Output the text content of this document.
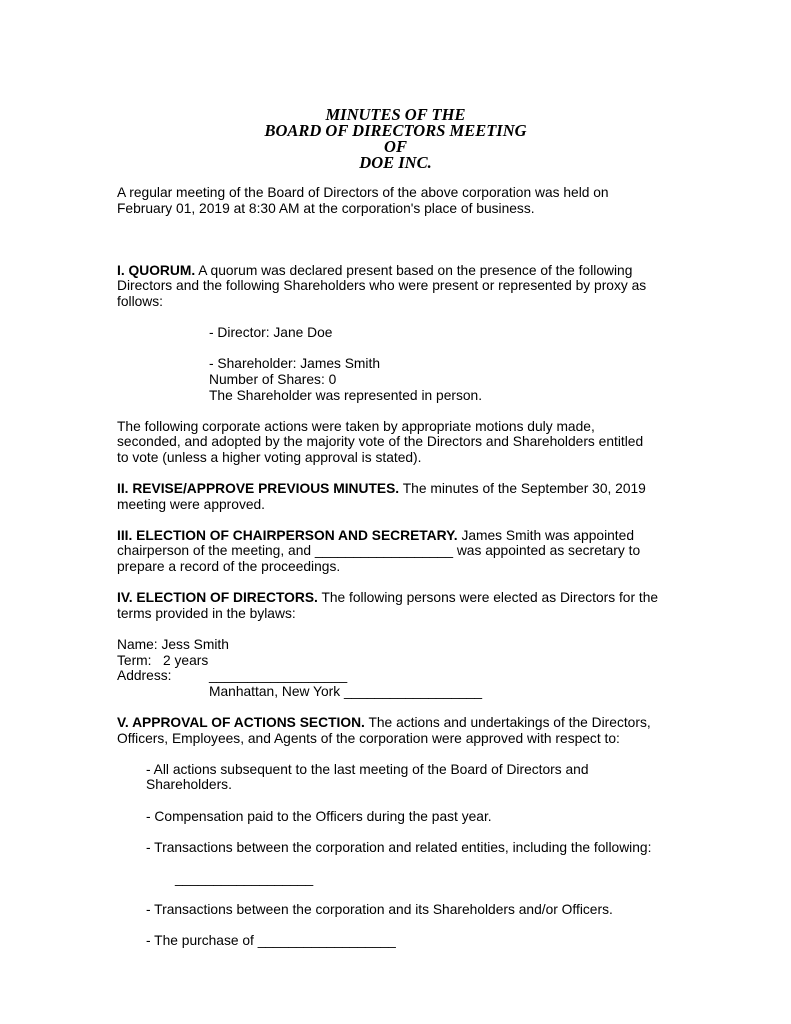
MINUTES OF THE
BOARD OF DIRECTORS MEETING
OF
DOE INC.

A regular meeting of the Board of Directors of the above corporation was held on

February 01, 2019 at 8:30 AM at the corporation's place of business.

I. QUORUM. A quorum was declared present based on the presence of the following

Directors and the following Shareholders who were present or represented by proxy as

follows:

- Director: Jane Doe

- Shareholder: James Smith

Number of Shares: 0

The Shareholder was represented in person.

The following corporate actions were taken by appropriate motions duly made,

seconded, and adopted by the majority vote of the Directors and Shareholders entitled

to vote (unless a higher voting approval is stated).

II. REVISE/APPROVE PREVIOUS MINUTES. The minutes of the September 30, 2019

meeting were approved.

III. ELECTION OF CHAIRPERSON AND SECRETARY. James Smith was appointed

chairperson of the meeting, and __________________ was appointed as secretary to

prepare a record of the proceedings.

IV. ELECTION OF DIRECTORS. The following persons were elected as Directors for the

terms provided in the bylaws:

Name: Jess Smith

Term:   2 years

Address:	__________________

Manhattan, New York __________________

V. APPROVAL OF ACTIONS SECTION. The actions and undertakings of the Directors,

Officers, Employees, and Agents of the corporation were approved with respect to:

- All actions subsequent to the last meeting of the Board of Directors and

Shareholders.

- Compensation paid to the Officers during the past year.

- Transactions between the corporation and related entities, including the following:

__________________

- Transactions between the corporation and its Shareholders and/or Officers.

- The purchase of __________________
